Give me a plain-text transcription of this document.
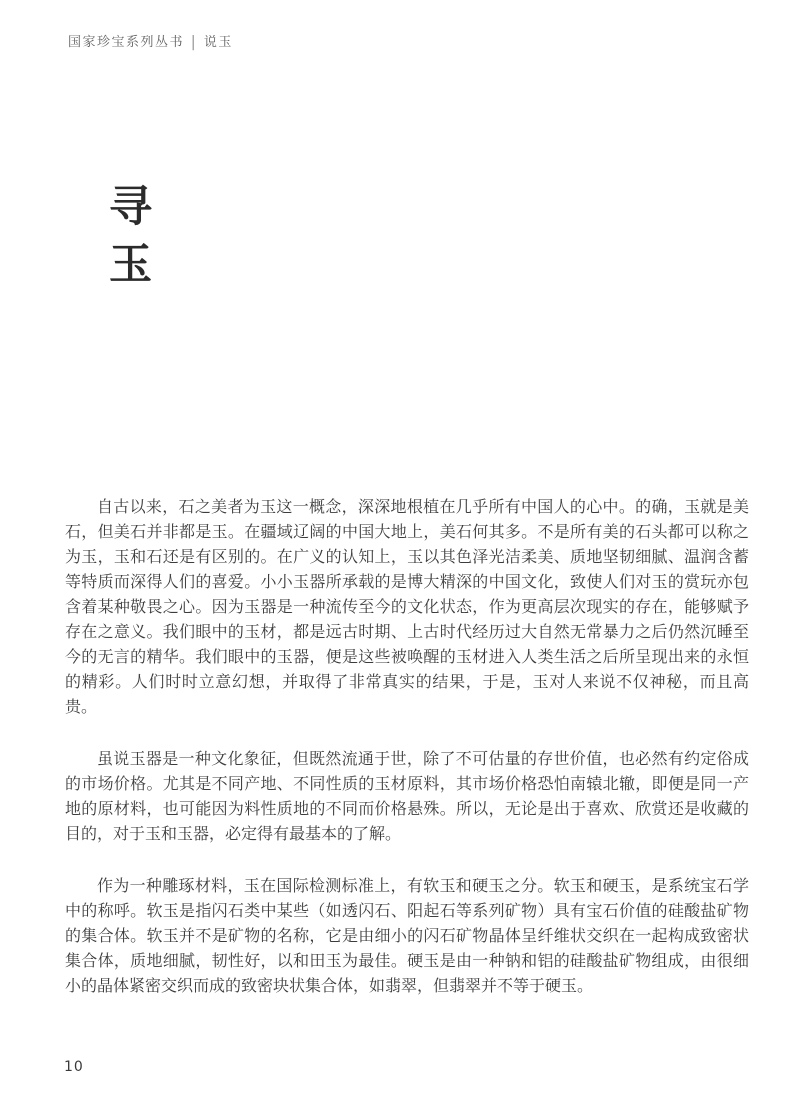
国家珍宝系列丛书 | 说玉
寻玉

自古以来，石之美者为玉这一概念，深深地根植在几乎所有中国人的心中。的确，玉就是美石，但美石并非都是玉。在疆域辽阔的中国大地上，美石何其多。不是所有美的石头都可以称之为玉，玉和石还是有区别的。在广义的认知上，玉以其色泽光洁柔美、质地坚韧细腻、温润含蓄等特质而深得人们的喜爱。小小玉器所承载的是博大精深的中国文化，致使人们对玉的赏玩亦包含着某种敬畏之心。因为玉器是一种流传至今的文化状态，作为更高层次现实的存在，能够赋予存在之意义。我们眼中的玉材，都是远古时期、上古时代经历过大自然无常暴力之后仍然沉睡至今的无言的精华。我们眼中的玉器，便是这些被唤醒的玉材进入人类生活之后所呈现出来的永恒的精彩。人们时时立意幻想，并取得了非常真实的结果，于是，玉对人来说不仅神秘，而且高贵。

虽说玉器是一种文化象征，但既然流通于世，除了不可估量的存世价值，也必然有约定俗成的市场价格。尤其是不同产地、不同性质的玉材原料，其市场价格恐怕南辕北辙，即便是同一产地的原材料，也可能因为料性质地的不同而价格悬殊。所以，无论是出于喜欢、欣赏还是收藏的目的，对于玉和玉器，必定得有最基本的了解。

作为一种雕琢材料，玉在国际检测标准上，有软玉和硬玉之分。软玉和硬玉，是系统宝石学中的称呼。软玉是指闪石类中某些（如透闪石、阳起石等系列矿物）具有宝石价值的硅酸盐矿物的集合体。软玉并不是矿物的名称，它是由细小的闪石矿物晶体呈纤维状交织在一起构成致密状集合体，质地细腻，韧性好，以和田玉为最佳。硬玉是由一种钠和铝的硅酸盐矿物组成，由很细小的晶体紧密交织而成的致密块状集合体，如翡翠，但翡翠并不等于硬玉。

10
